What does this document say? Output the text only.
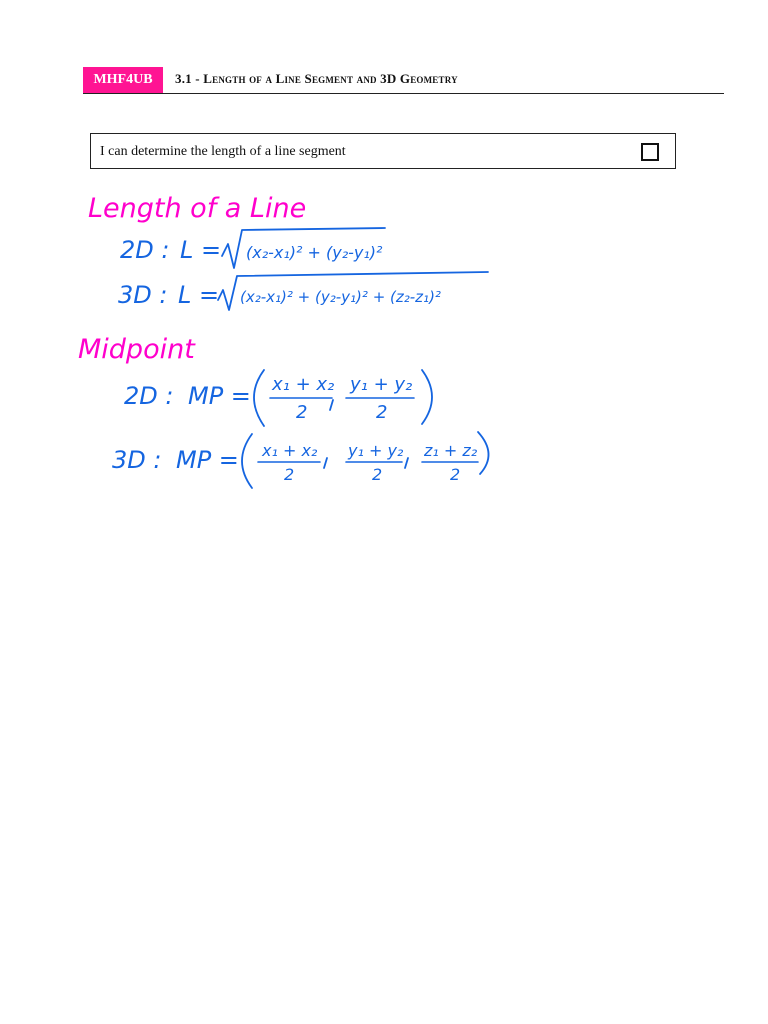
MHF4UB	3.1 - Length of a Line Segment and 3D Geometry
I can determine the length of a line segment
Length of a Line
2D : L = (x₂-x₁)² + (y₂-y₁)²
3D : L = (x₂-x₁)² + (y₂-y₁)² + (z₂-z₁)²
Midpoint
2D : MP = x₁ + x₂
2
y₁ + y₂
2
3D : MP = x₁ + x₂
2
y₁ + y₂
2
z₁ + z₂
2
